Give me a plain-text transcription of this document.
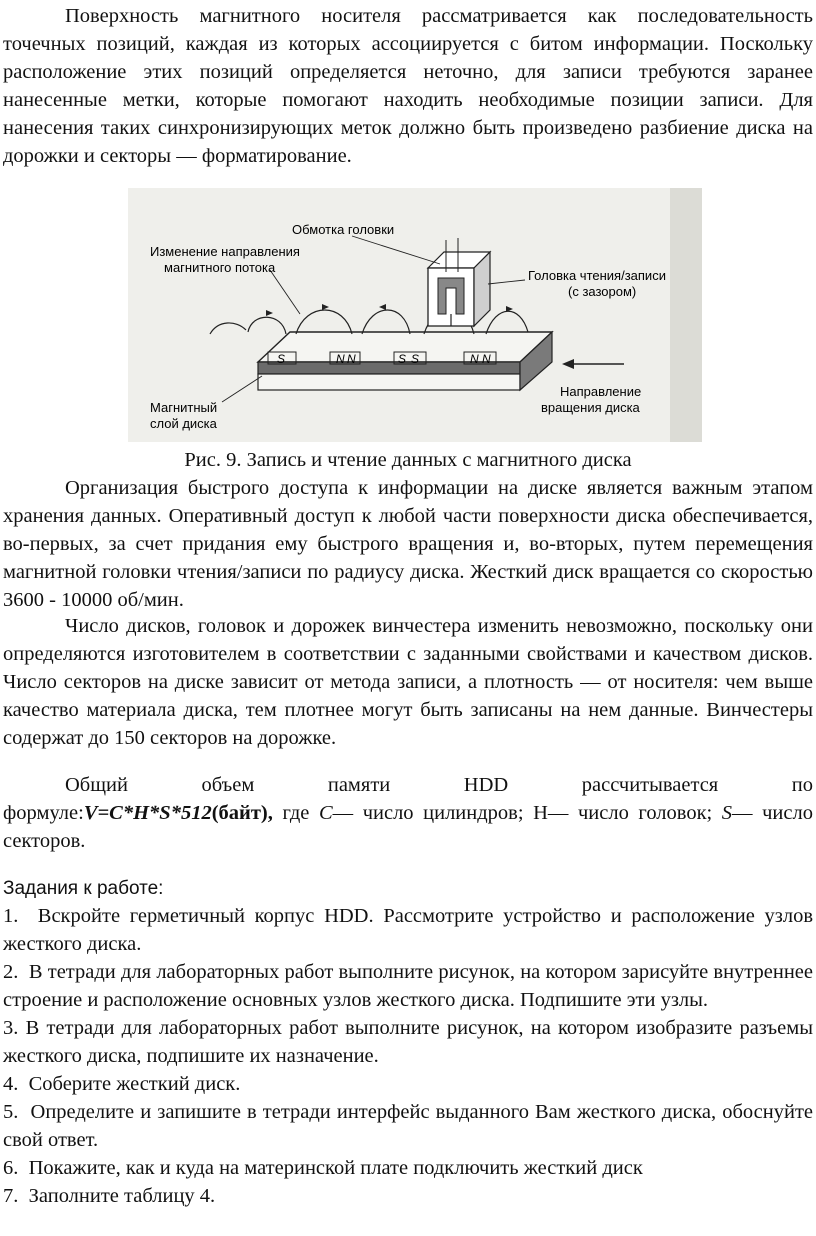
Поверхность магнитного носителя рассматривается как последовательность точечных позиций, каждая из которых ассоциируется с битом информации. Поскольку расположение этих позиций определяется неточно, для записи требуются заранее нанесенные метки, которые помогают находить необходимые позиции записи. Для нанесения таких синхронизирующих меток должно быть произведено разбиение диска на дорожки и секторы — форматирование.

S	N N	S S	N N
Обмотка головки
Изменение направления
магнитного потока
Головка чтения/записи
(с зазором)
Магнитный
слой диска
Направление
вращения диска

Рис. 9. Запись и чтение данных с магнитного диска

Организация быстрого доступа к информации на диске является важным этапом хранения данных. Оперативный доступ к любой части поверхности диска обеспечивается, во-первых, за счет придания ему быстрого вращения и, во-вторых, путем перемещения магнитной головки чтения/записи по радиусу диска. Жесткий диск вращается со скоростью 3600 - 10000 об/мин.

Число дисков, головок и дорожек винчестера изменить невозможно, поскольку они определяются изготовителем в соответствии с заданными свойствами и качеством дисков. Число секторов на диске зависит от метода записи, а плотность — от носителя: чем выше качество материала диска, тем плотнее могут быть записаны на нем данные. Винчестеры содержат до 150 секторов на дорожке.

Общий объем памяти HDD рассчитывается по

формуле:V=C*H*S*512(байт), где C— число цилиндров; Н— число головок; S— число секторов.

Задания к работе:

1. Вскройте герметичный корпус HDD. Рассмотрите устройство и расположение узлов жесткого диска.
2. В тетради для лабораторных работ выполните рисунок, на котором зарисуйте внутреннее строение и расположение основных узлов жесткого диска. Подпишите эти узлы.
3. В тетради для лабораторных работ выполните рисунок, на котором изобразите разъемы жесткого диска, подпишите их назначение.
4. Соберите жесткий диск.
5. Определите и запишите в тетради интерфейс выданного Вам жесткого диска, обоснуйте свой ответ.
6. Покажите, как и куда на материнской плате подключить жесткий диск
7. Заполните таблицу 4.
